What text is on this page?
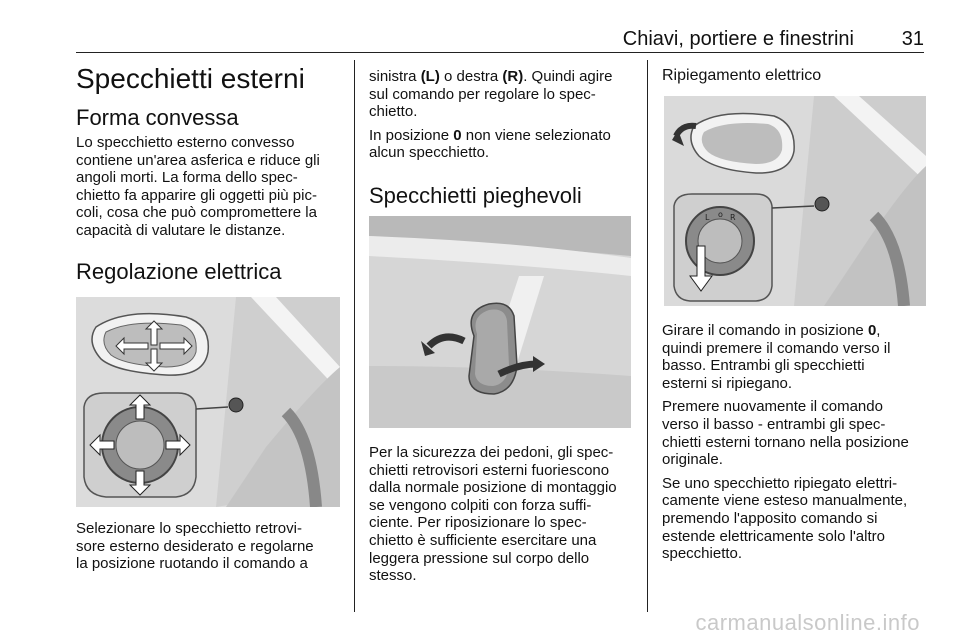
Chiavi, portiere e finestrini 31
Specchietti esterni
Forma convessa

Lo specchietto esterno convesso

contiene un'area asferica e riduce gli

angoli morti. La forma dello spec-

chietto fa apparire gli oggetti più pic-

coli, cosa che può compromettere la

capacità di valutare le distanze.

Regolazione elettrica

Selezionare lo specchietto retrovi-

sore esterno desiderato e regolarne

la posizione ruotando il comando a

sinistra (L) o destra (R). Quindi agire

sul comando per regolare lo spec-

chietto.

In posizione 0 non viene selezionato

alcun specchietto.

Specchietti pieghevoli

Per la sicurezza dei pedoni, gli spec-

chietti retrovisori esterni fuoriescono

dalla normale posizione di montaggio

se vengono colpiti con forza suffi-

ciente. Per riposizionare lo spec-

chietto è sufficiente esercitare una

leggera pressione sul corpo dello

stesso.

Ripiegamento elettrico
L o R

Girare il comando in posizione 0,

quindi premere il comando verso il

basso. Entrambi gli specchietti

esterni si ripiegano.

Premere nuovamente il comando

verso il basso - entrambi gli spec-

chietti esterni tornano nella posizione

originale.

Se uno specchietto ripiegato elettri-

camente viene esteso manualmente,

premendo l'apposito comando si

estende elettricamente solo l'altro

specchietto.

carmanualsonline.info
